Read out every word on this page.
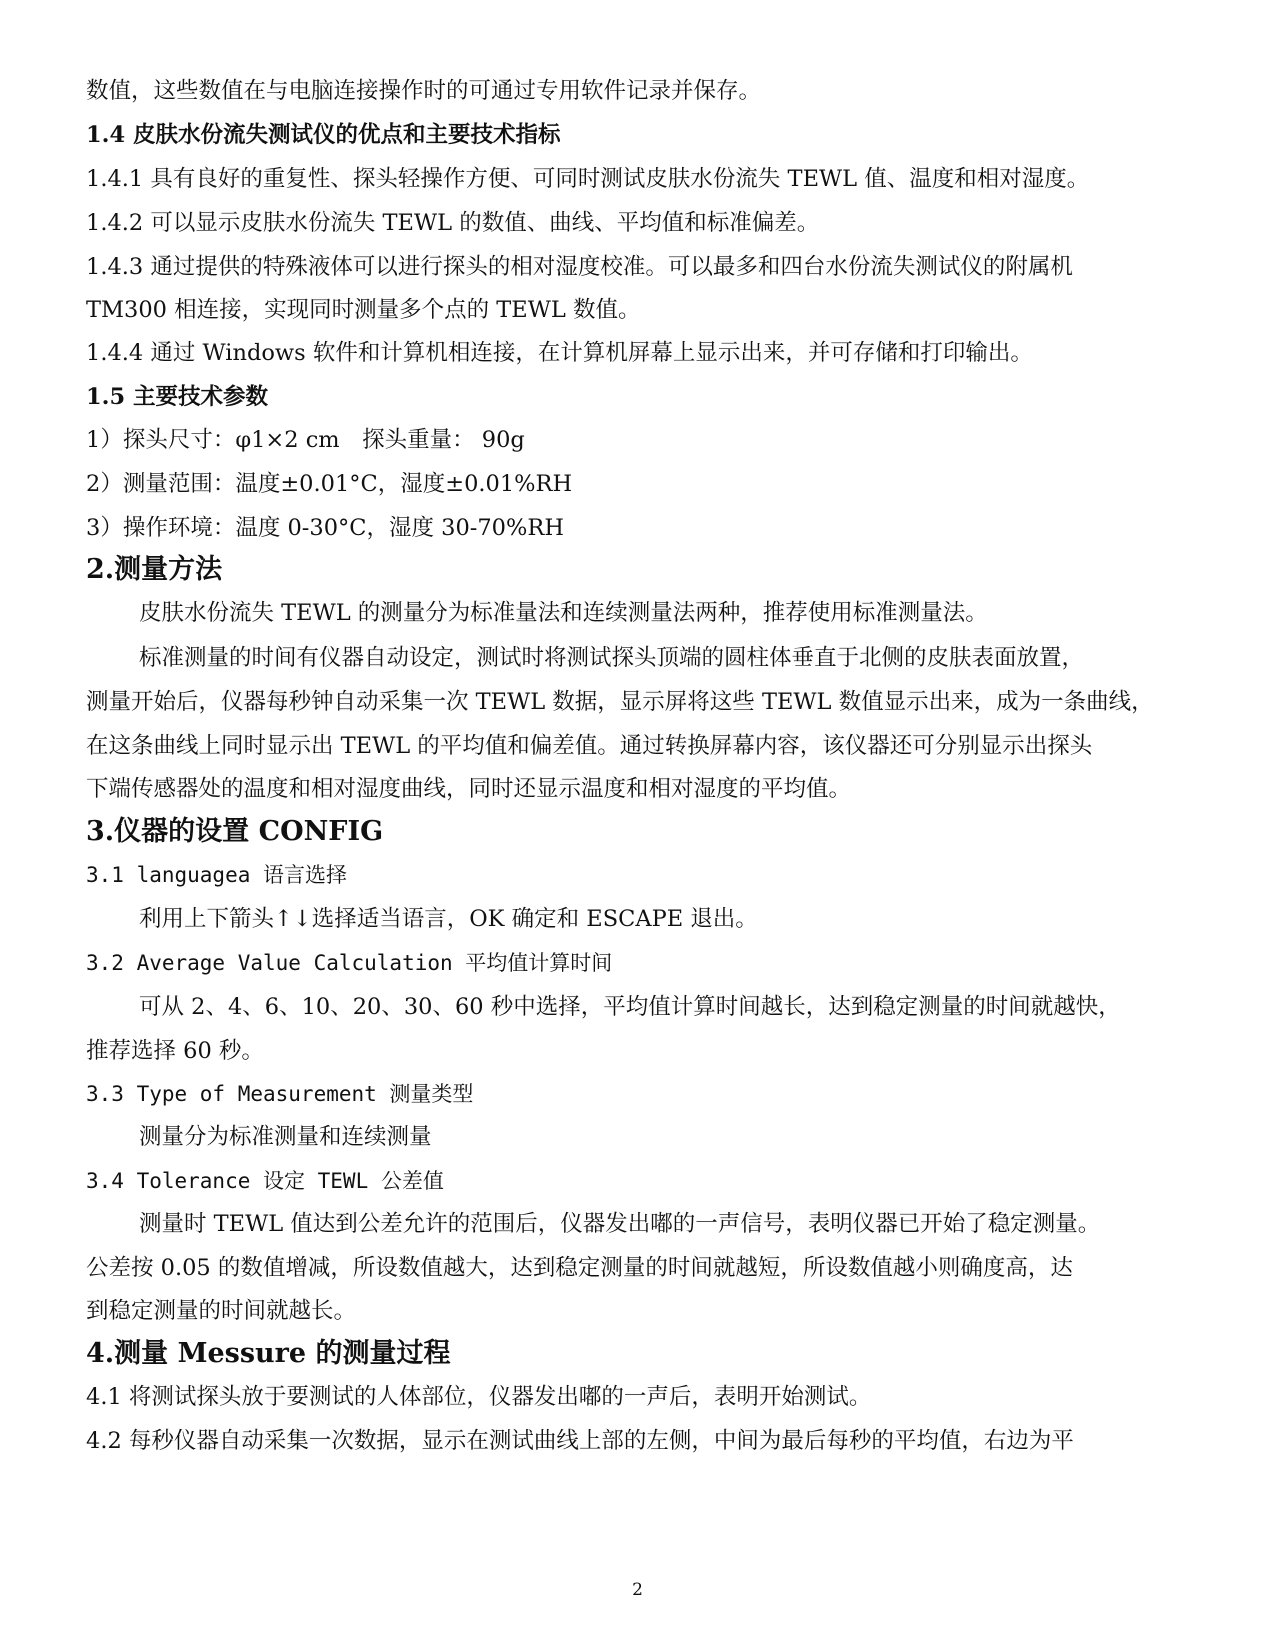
数值，这些数值在与电脑连接操作时的可通过专用软件记录并保存。
1.4 皮肤水份流失测试仪的优点和主要技术指标
1.4.1 具有良好的重复性、探头轻操作方便、可同时测试皮肤水份流失 TEWL 值、温度和相对湿度。
1.4.2 可以显示皮肤水份流失 TEWL 的数值、曲线、平均值和标准偏差。
1.4.3 通过提供的特殊液体可以进行探头的相对湿度校准。可以最多和四台水份流失测试仪的附属机
TM300 相连接，实现同时测量多个点的 TEWL 数值。
1.4.4 通过 Windows 软件和计算机相连接，在计算机屏幕上显示出来，并可存储和打印输出。
1.5 主要技术参数
1）探头尺寸：φ1×2 cm　探头重量： 90g
2）测量范围：温度±0.01°C，湿度±0.01%RH
3）操作环境：温度 0-30°C，湿度 30-70%RH
2.测量方法
皮肤水份流失 TEWL 的测量分为标准量法和连续测量法两种，推荐使用标准测量法。
标准测量的时间有仪器自动设定，测试时将测试探头顶端的圆柱体垂直于北侧的皮肤表面放置，
测量开始后，仪器每秒钟自动采集一次 TEWL 数据，显示屏将这些 TEWL 数值显示出来，成为一条曲线，
在这条曲线上同时显示出 TEWL 的平均值和偏差值。通过转换屏幕内容，该仪器还可分别显示出探头
下端传感器处的温度和相对湿度曲线，同时还显示温度和相对湿度的平均值。
3.仪器的设置 CONFIG
3.1 languagea 语言选择
利用上下箭头↑↓选择适当语言，OK 确定和 ESCAPE 退出。
3.2 Average Value Calculation 平均值计算时间
可从 2、4、6、10、20、30、60 秒中选择，平均值计算时间越长，达到稳定测量的时间就越快，
推荐选择 60 秒。
3.3 Type of Measurement 测量类型
测量分为标准测量和连续测量
3.4 Tolerance 设定 TEWL 公差值
测量时 TEWL 值达到公差允许的范围后，仪器发出嘟的一声信号，表明仪器已开始了稳定测量。
公差按 0.05 的数值增减，所设数值越大，达到稳定测量的时间就越短，所设数值越小则确度高，达
到稳定测量的时间就越长。
4.测量 Messure 的测量过程
4.1 将测试探头放于要测试的人体部位，仪器发出嘟的一声后，表明开始测试。
4.2 每秒仪器自动采集一次数据，显示在测试曲线上部的左侧，中间为最后每秒的平均值，右边为平
2
